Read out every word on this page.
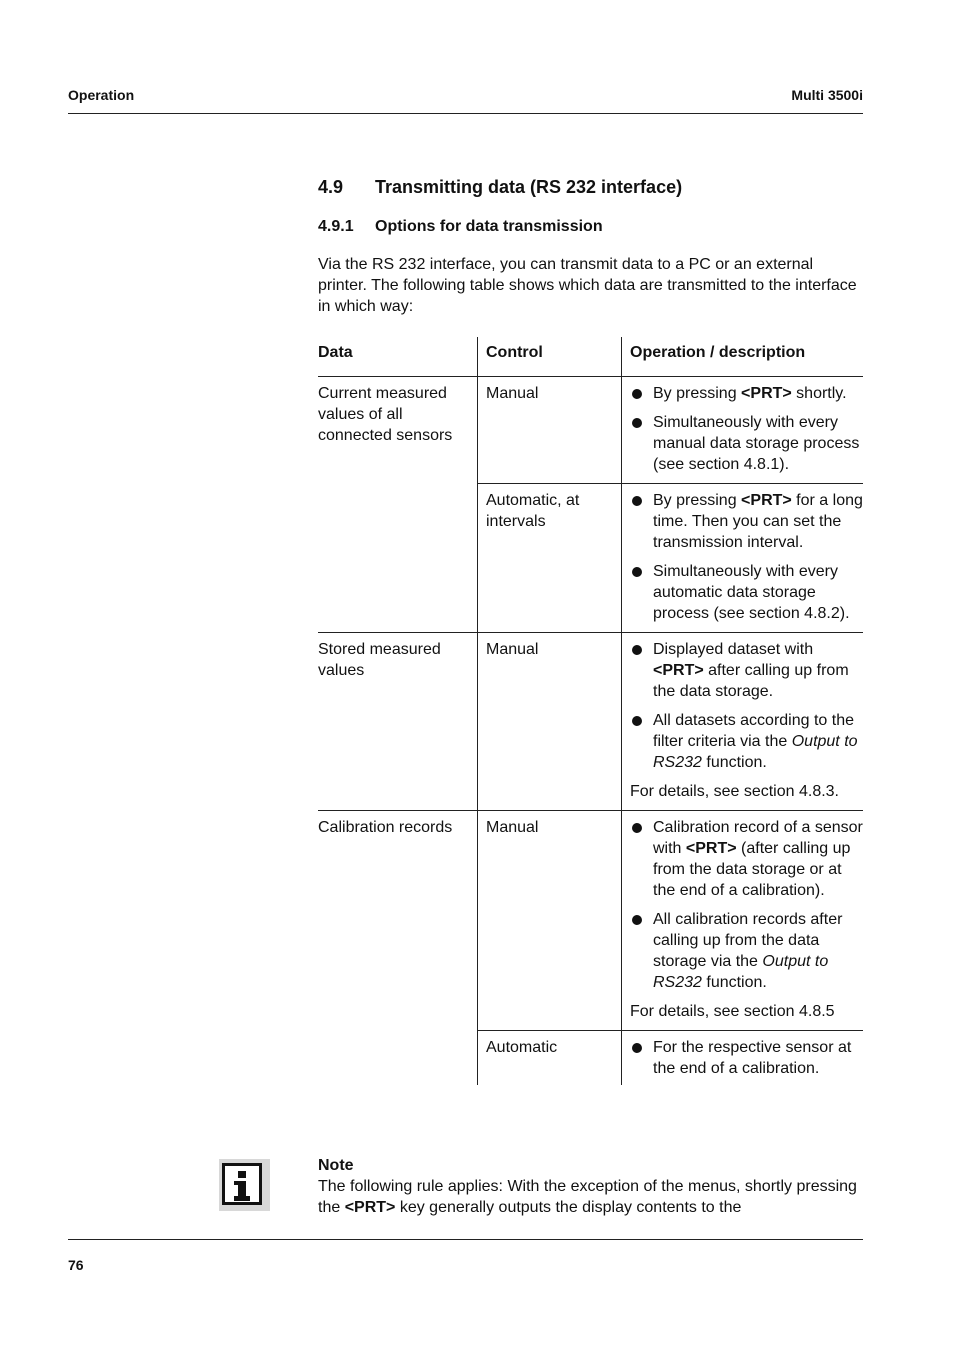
Operation	Multi 3500i
4.9 Transmitting data (RS 232 interface)
4.9.1 Options for data transmission
Via the RS 232 interface, you can transmit data to a PC or an external printer. The following table shows which data are transmitted to the interface in which way:
Data	Control	Operation / description
Current measured values of all connected sensors	Manual	By pressing <PRT> shortly.
Simultaneously with every manual data storage process (see section 4.8.1).

	Automatic, at intervals	By pressing <PRT> for a long time. Then you can set the transmission interval.
Simultaneously with every automatic data storage process (see section 4.8.2).

Stored measured values	Manual	Displayed dataset with <PRT> after calling up from the data storage.
All datasets according to the filter criteria via the Output to RS232 function.
For details, see section 4.8.3.

Calibration records	Manual	Calibration record of a sensor with <PRT> (after calling up from the data storage or at the end of a calibration).
All calibration records after calling up from the data storage via the Output to RS232 function.
For details, see section 4.8.5

	Automatic	For the respective sensor at the end of a calibration.
Note
The following rule applies: With the exception of the menus, shortly pressing the <PRT> key generally outputs the display contents to the
76
